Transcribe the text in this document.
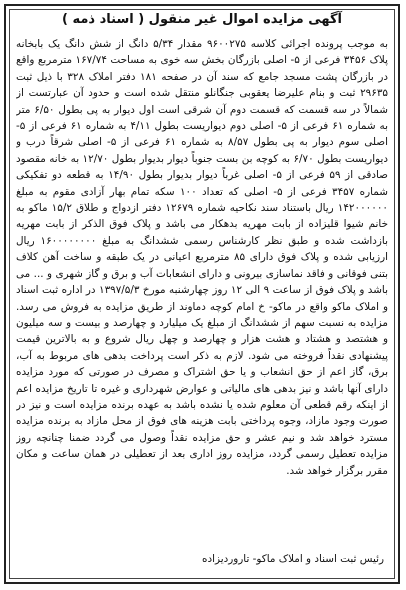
آگهی مزایده اموال غیر منقول ( اسناد ذمه )

به موجب پرونده اجرائی کلاسه ۹۶۰۰۲۷۵ مقدار ۵/۳۴ دانگ از شش دانگ یک بابخانه پلاک ۳۴۵۶ فرعی از ۵- اصلی بازرگان بخش سه خوی به مساحت ۱۶۷/۷۴ مترمربع واقع در بازرگان پشت مسجد جامع که سند آن در صفحه ۱۸۱ دفتر املاک ۳۲۸ با ذیل ثبت ۲۹۶۳۵ ثبت و بنام علیرضا یعقوبی جنگانلو منتقل شده است و حدود آن عبارتست از شمالاً در سه قسمت که قسمت دوم آن شرقی است اول دیوار به پی بطول ۶/۵۰ متر به شماره ۶۱ فرعی از ۵- اصلی دوم دیواریست بطول ۴/۱۱ به شماره ۶۱ فرعی از ۵- اصلی سوم دیوار به پی بطول ۸/۵۷ به شماره ۶۱ فرعی از ۵- اصلی شرقاً درب و دیواریست بطول ۶/۷۰ به کوچه بن بست جنوباً دیوار بدیوار بطول ۱۲/۷۰ به خانه مقصود صادقی از ۵۹ فرعی از ۵- اصلی غرباً دیوار بدیوار بطول ۱۴/۹۰ به قطعه دو تفکیکی شماره ۳۴۵۷ فرعی از ۵- اصلی که تعداد ۱۰۰ سکه تمام بهار آزادی مقوم به مبلغ ۱۴۲۰۰۰۰۰۰ ریال باستناد سند نکاحیه شماره ۱۲۶۷۹ دفتر ازدواج و طلاق ۱۵/۲ ماکو به خانم شیوا قلیزاده از بابت مهریه بدهکار می باشد و پلاک فوق الذکر از بابت مهریه بازداشت شده و طبق نظر کارشناس رسمی ششدانگ به مبلغ ۱۶۰۰۰۰۰۰۰۰ ریال ارزیابی شده و پلاک فوق دارای ۸۵ مترمربع اعیانی در یک طبقه و ساخت آهن کلاف بتنی فوقانی و فاقد نماسازی بیرونی و دارای انشعابات آب و برق و گاز شهری و ... می باشد و پلاک فوق از ساعت ۹ الی ۱۲ روز چهارشنبه مورخ ۱۳۹۷/۵/۳ در اداره ثبت اسناد و املاک ماکو واقع در ماکو- خ امام کوچه دماوند از طریق مزایده به فروش می رسد. مزایده به نسبت سهم از ششدانگ از مبلغ یک میلیارد و چهارصد و بیست و سه میلیون و هشتصد و هشتاد و هشت هزار و چهارصد و چهل ریال شروع و به بالاترین قیمت پیشنهادی نقداً فروخته می شود. لازم به ذکر است پرداخت بدهی های مربوط به آب، برق، گاز اعم از حق انشعاب و یا حق اشتراک و مصرف در صورتی که مورد مزایده دارای آنها باشد و نیز بدهی های مالیاتی و عوارض شهرداری و غیره تا تاریخ مزایده اعم از اینکه رقم قطعی آن معلوم شده یا نشده باشد به عهده برنده مزایده است و نیز در صورت وجود مازاد، وجوه پرداختی بابت هزینه های فوق از محل مازاد به برنده مزایده مسترد خواهد شد و نیم عشر و حق مزایده نقداً وصول می گردد ضمنا چنانچه روز مزایده تعطیل رسمی گردد، مزایده روز اداری بعد از تعطیلی در همان ساعت و مکان مقرر برگزار خواهد شد.

رئیس ثبت اسناد و املاک ماکو- تاروردیزاده
